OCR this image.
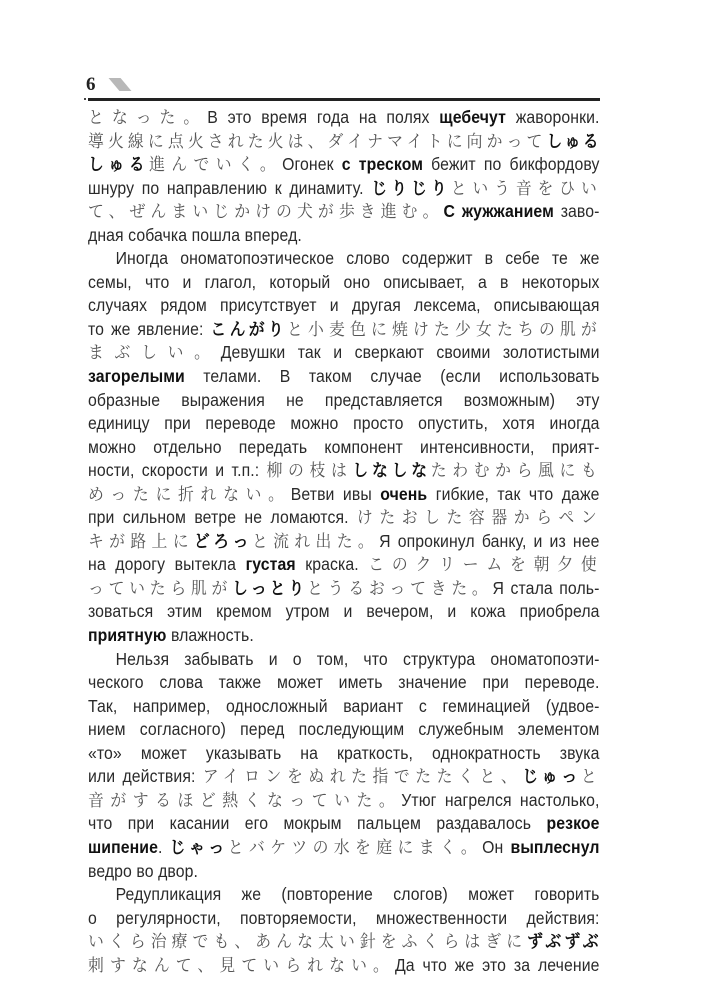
6
となった。В это время года на полях щебечут жаворонки.
導火線に点火された火は、ダイナマイトに向かってしゅる
しゅる進んでいく。Огонек с треском бежит по бикфордову
шнуру по направлению к динамиту. じりじりという音をひい
て、ぜんまいじかけの犬が歩き進む。С жужжанием заво-
дная собачка пошла вперед.
Иногда ономатопоэтическое слово содержит в себе те же
семы, что и глагол, который оно описывает, а в некоторых
случаях рядом присутствует и другая лексема, описывающая
то же явление: こんがりと小麦色に焼けた少女たちの肌が
まぶしい。Девушки так и сверкают своими золотистыми
загорелыми телами. В таком случае (если использовать
образные выражения не представляется возможным) эту
единицу при переводе можно просто опустить, хотя иногда
можно отдельно передать компонент интенсивности, прият-
ности, скорости и т.п.: 柳の枝はしなしなたわむから風にも
めったに折れない。Ветви ивы очень гибкие, так что даже
при сильном ветре не ломаются. けたおした容器からペン
キが路上にどろっと流れ出た。Я опрокинул банку, и из нее
на дорогу вытекла густая краска. このクリームを朝夕使
っていたら肌がしっとりとうるおってきた。Я стала поль-
зоваться этим кремом утром и вечером, и кожа приобрела
приятную влажность.
Нельзя забывать и о том, что структура ономатопоэти-
ческого слова также может иметь значение при переводе.
Так, например, односложный вариант с геминацией (удвое-
нием согласного) перед последующим служебным элементом
«то» может указывать на краткость, однократность звука
или действия: アイロンをぬれた指でたたくと、じゅっと
音がするほど熱くなっていた。Утюг нагрелся настолько,
что при касании его мокрым пальцем раздавалось резкое
шипение. じゃっとバケツの水を庭にまく。Он выплеснул
ведро во двор.
Редупликация же (повторение слогов) может говорить
о регулярности, повторяемости, множественности действия:
いくら治療でも、あんな太い針をふくらはぎにずぶずぶ
刺すなんて、見ていられない。Да что же это за лечение
